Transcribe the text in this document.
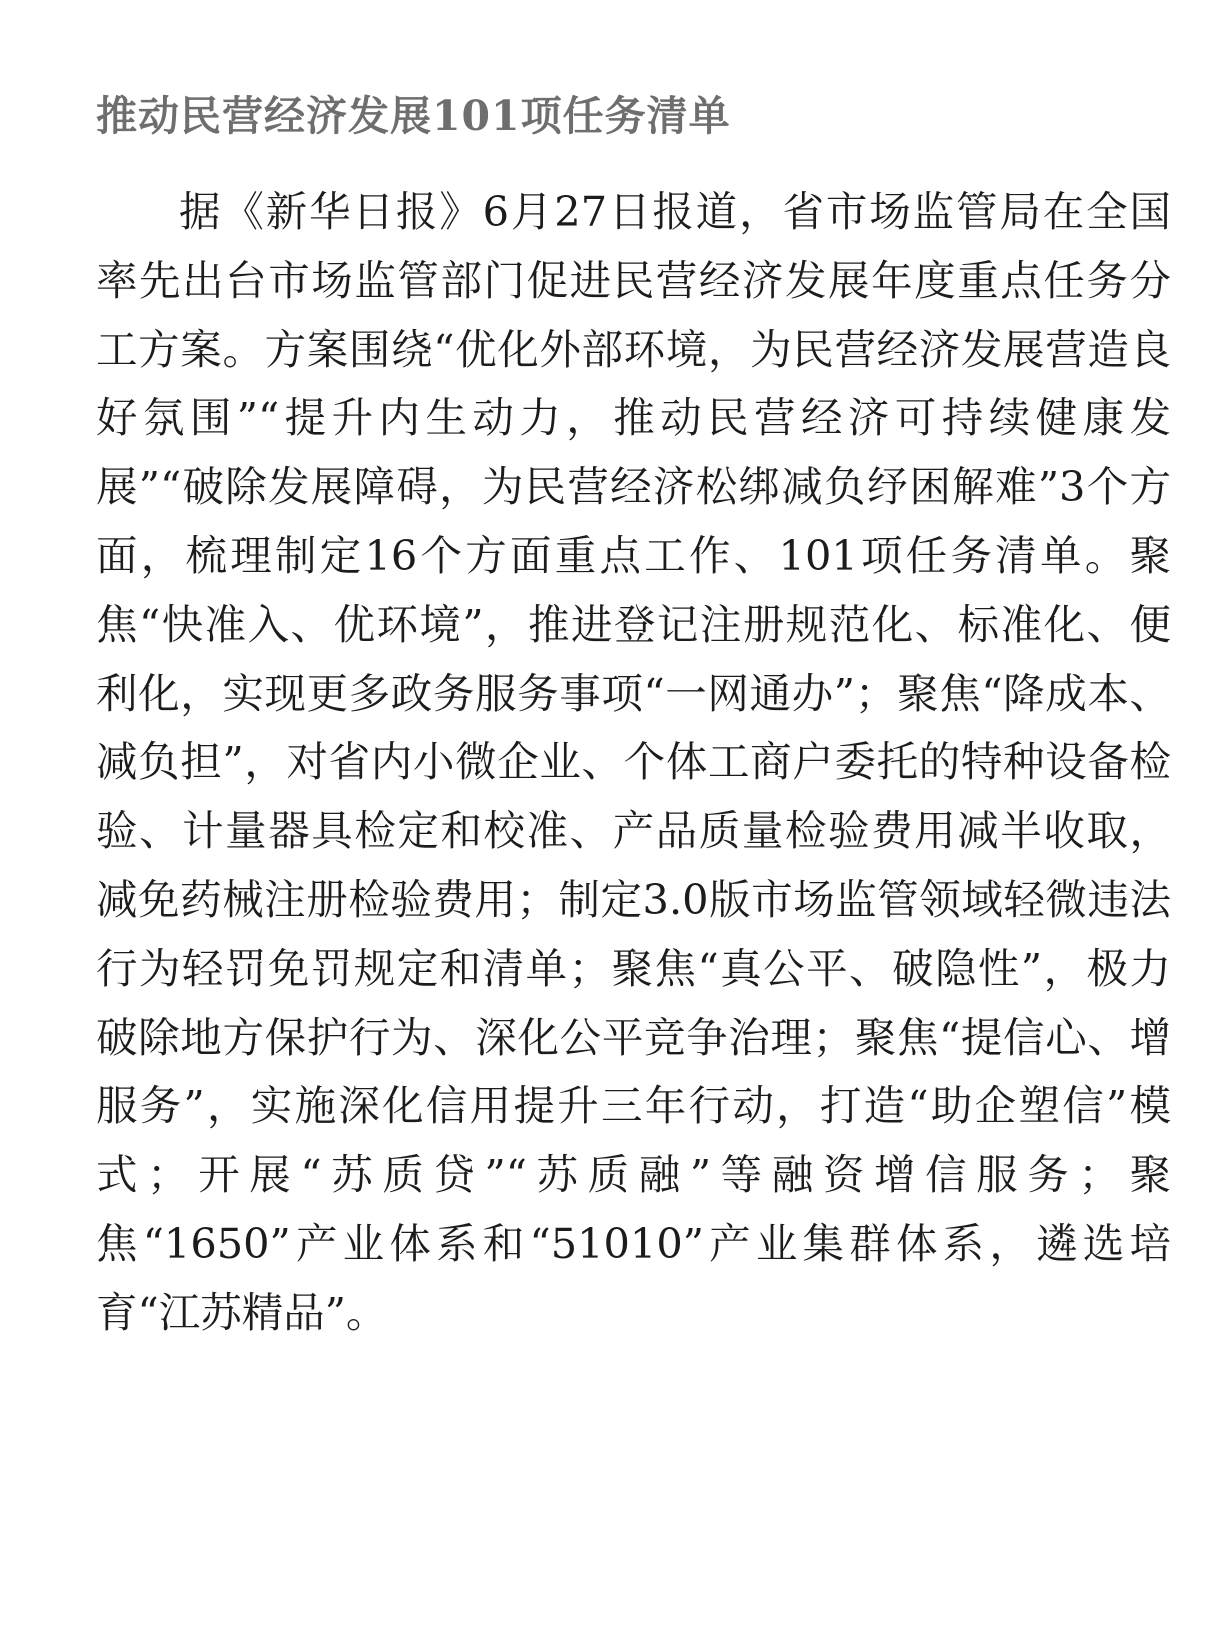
推动民营经济发展101项任务清单

据《新华日报》6月27日报道，省市场监管局在全国率先出台市场监管部门促进民营经济发展年度重点任务分工方案。方案围绕“优化外部环境，为民营经济发展营造良好氛围”“提升内生动力，推动民营经济可持续健康发展”“破除发展障碍，为民营经济松绑减负纾困解难”3个方面，梳理制定16个方面重点工作、101项任务清单。聚焦“快准入、优环境”，推进登记注册规范化、标准化、便利化，实现更多政务服务事项“一网通办”；聚焦“降成本、减负担”，对省内小微企业、个体工商户委托的特种设备检验、计量器具检定和校准、产品质量检验费用减半收取，减免药械注册检验费用；制定3.0版市场监管领域轻微违法行为轻罚免罚规定和清单；聚焦“真公平、破隐性”，极力破除地方保护行为、深化公平竞争治理；聚焦“提信心、增服务”，实施深化信用提升三年行动，打造“助企塑信”模式；开展“苏质贷”“苏质融”等融资增信服务；聚焦“1650”产业体系和“51010”产业集群体系，遴选培育“江苏精品”。
